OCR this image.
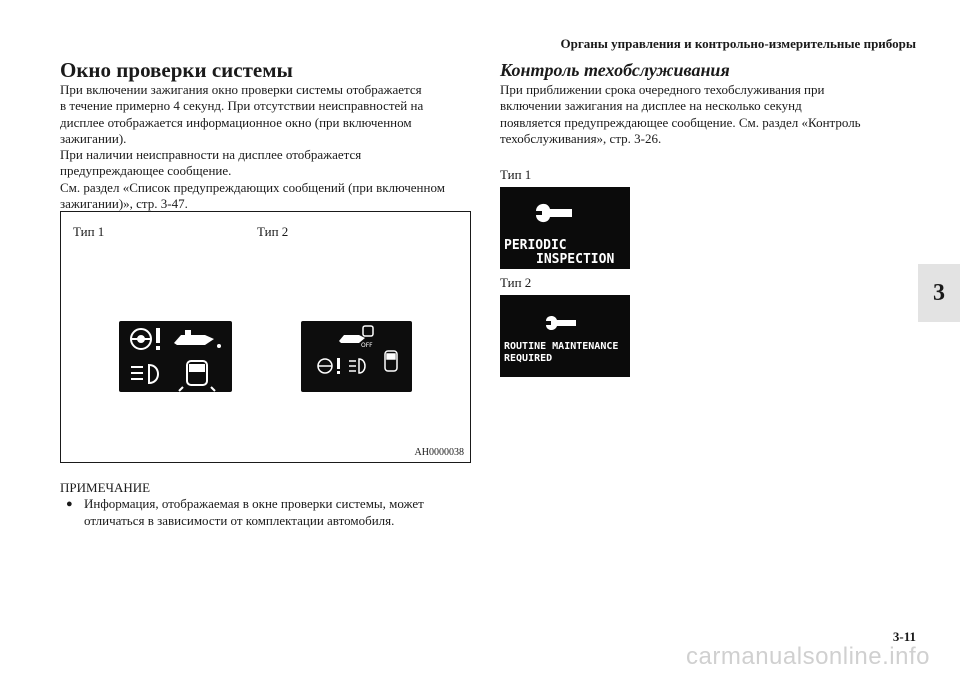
Органы управления и контрольно-измерительные приборы
3
Окно проверки системы

При включении зажигания окно проверки системы отображается
в течение примерно 4 секунд. При отсутствии неисправностей на
дисплее отображается информационное окно (при включенном
зажигании).
При наличии неисправности на дисплее отображается
предупреждающее сообщение.
См. раздел «Список предупреждающих сообщений (при включенном
зажигании)», стр. 3-47.

Тип 1	Тип 2
OFF
AH0000038
ПРИМЕЧАНИЕ
● Информация, отображаемая в окне проверки системы, может
отличаться в зависимости от комплектации автомобиля.
Контроль техобслуживания

При приближении срока очередного техобслуживания при
включении зажигания на дисплее на несколько секунд
появляется предупреждающее сообщение. См. раздел «Контроль
техобслуживания», стр. 3-26.

Тип 1
PERIODIC
INSPECTION
Тип 2
ROUTINE MAINTENANCE
REQUIRED
3-11
carmanualsonline.info
